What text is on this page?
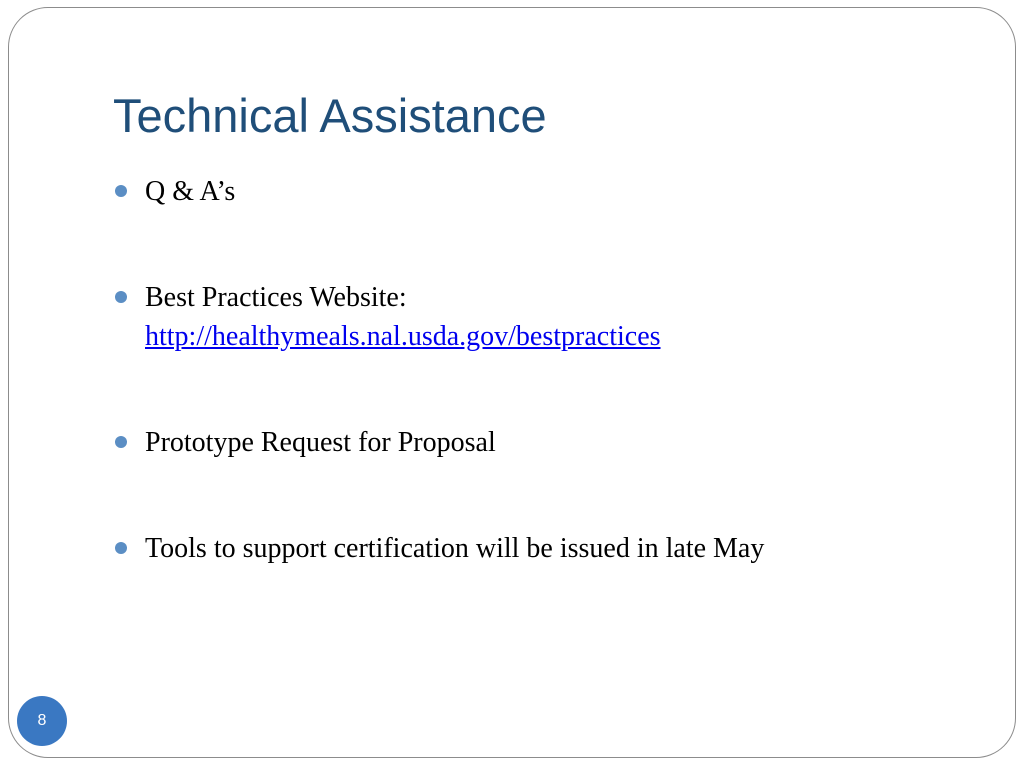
Technical Assistance
Q & A’s
Best Practices Website:
http://healthymeals.nal.usda.gov/bestpractices
Prototype Request for Proposal
Tools to support certification will be issued in late May
8
